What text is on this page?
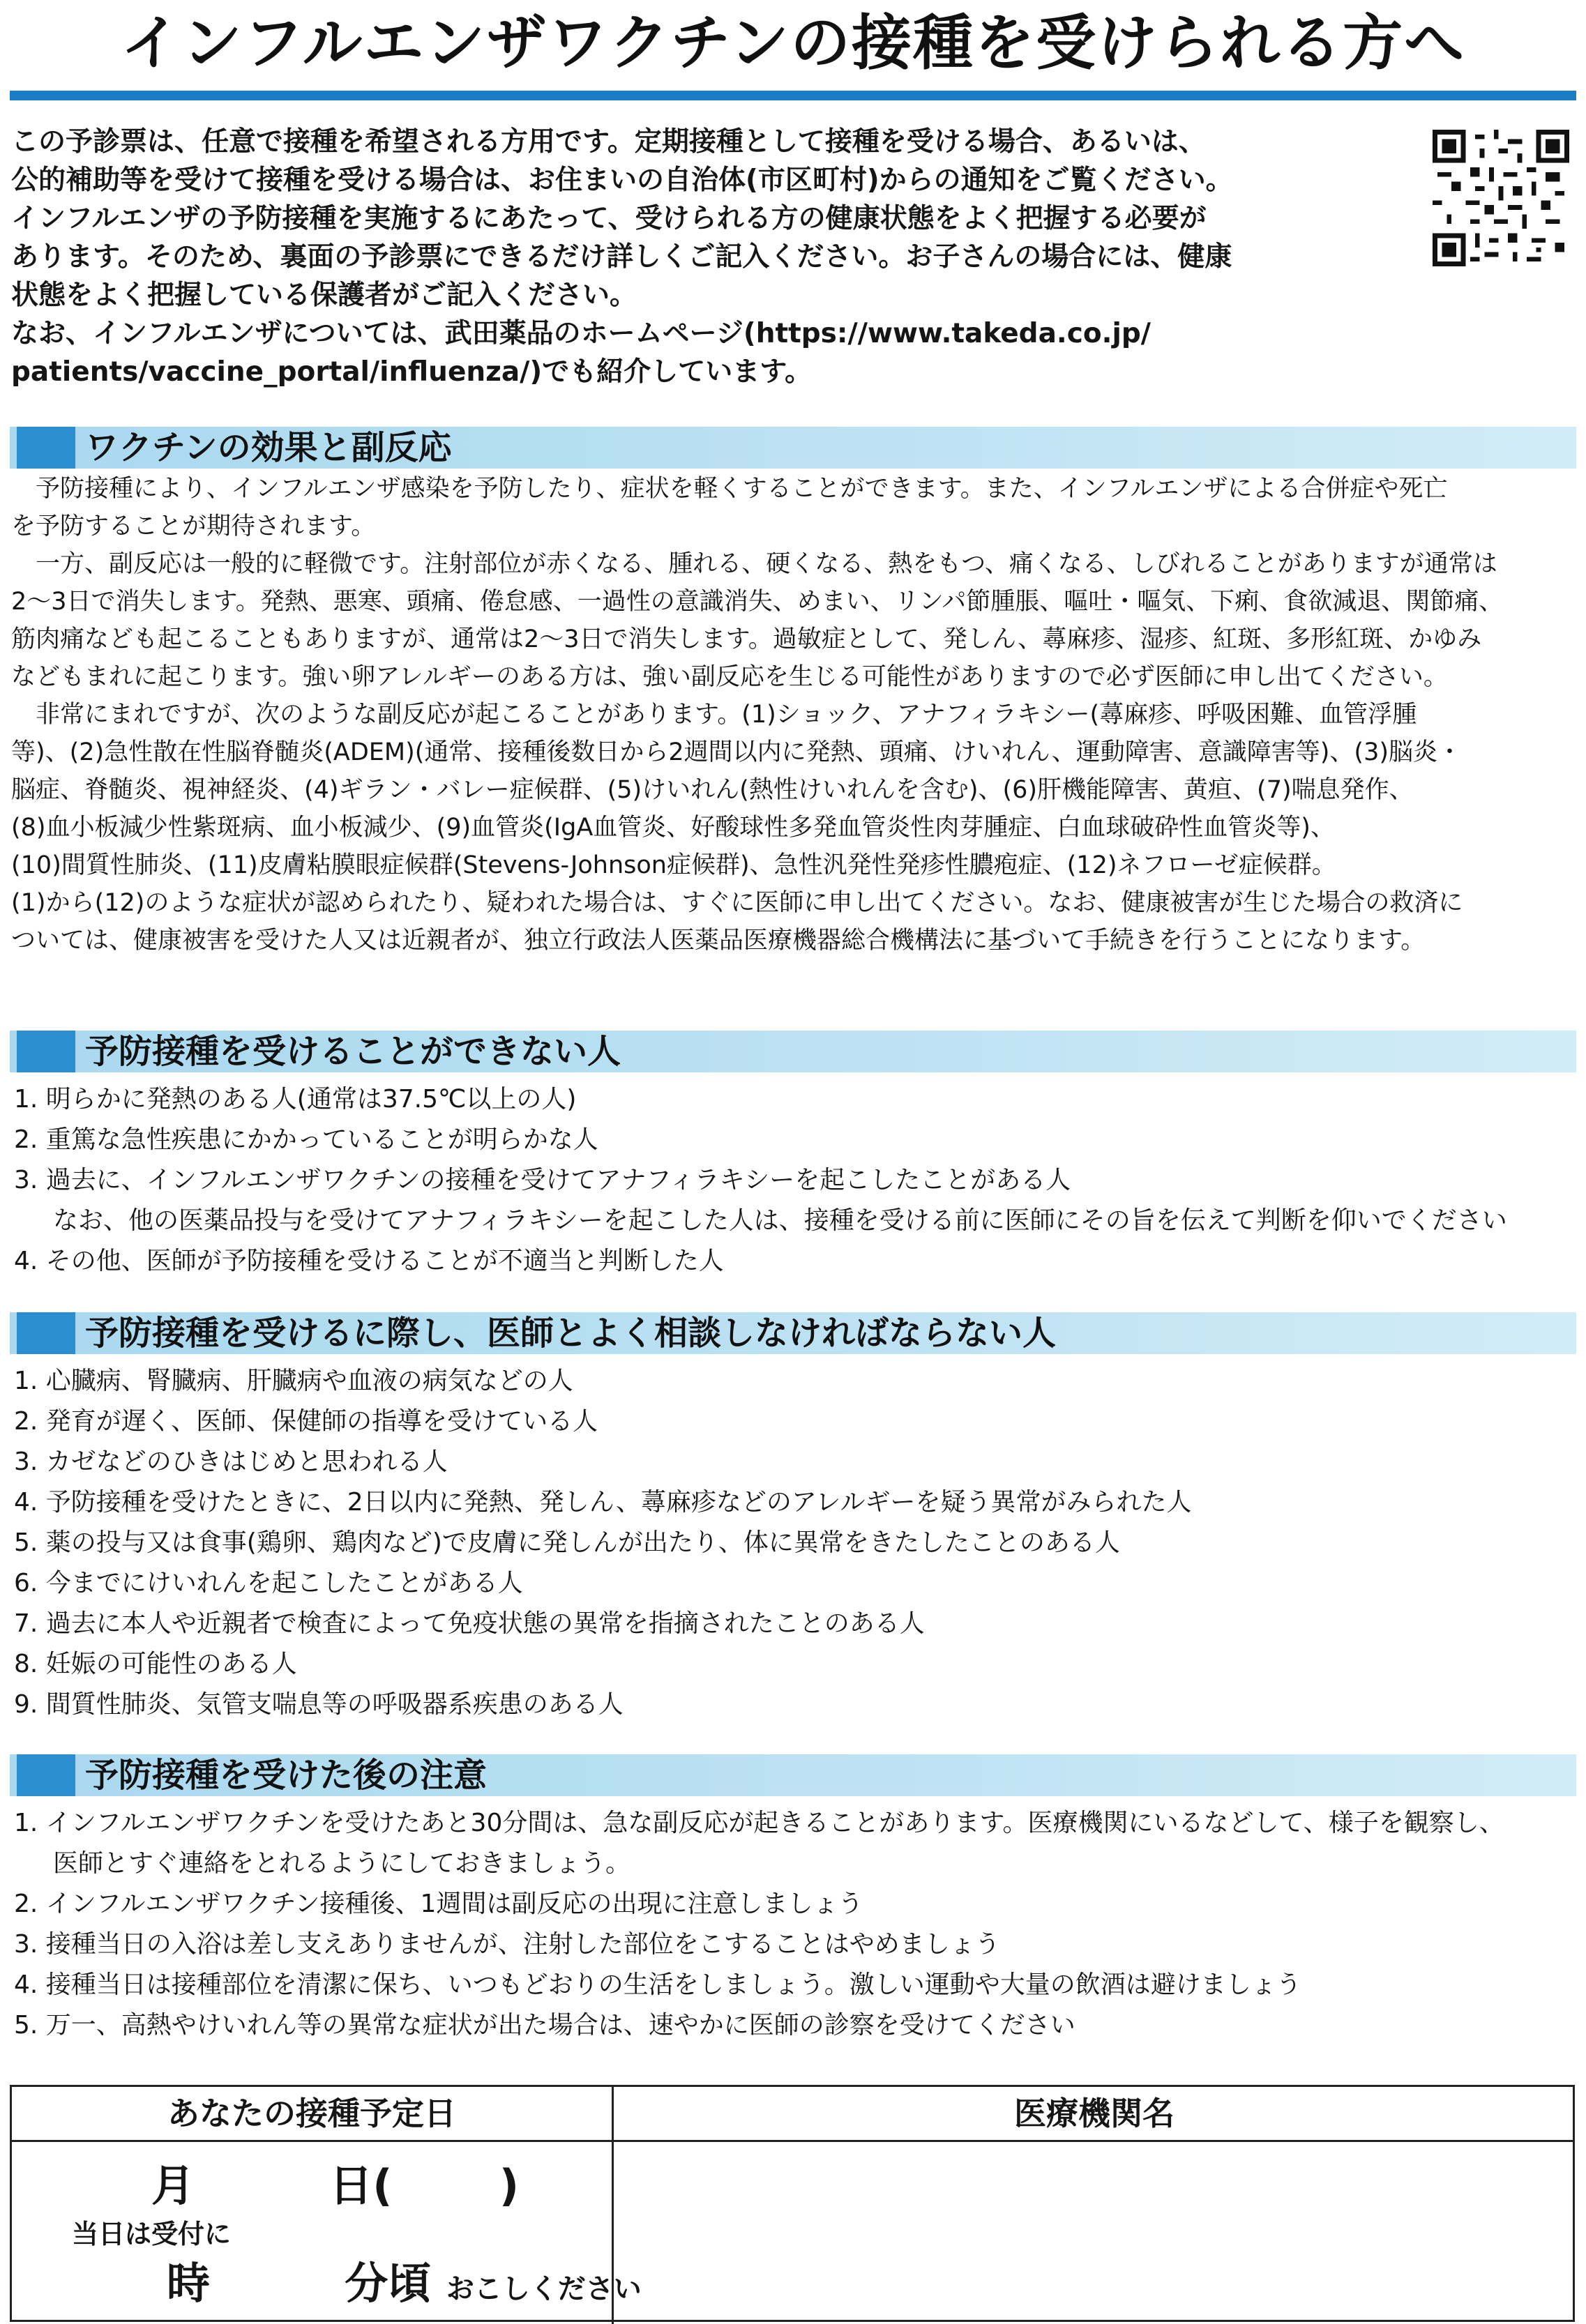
インフルエンザワクチンの接種を受けられる方へ

この予診票は、任意で接種を希望される方用です。定期接種として接種を受ける場合、あるいは、

公的補助等を受けて接種を受ける場合は、お住まいの自治体(市区町村)からの通知をご覧ください。

インフルエンザの予防接種を実施するにあたって、受けられる方の健康状態をよく把握する必要が

あります。そのため、裏面の予診票にできるだけ詳しくご記入ください。お子さんの場合には、健康

状態をよく把握している保護者がご記入ください。

なお、インフルエンザについては、武田薬品のホームページ(https://www.takeda.co.jp/

patients/vaccine_portal/influenza/)でも紹介しています。

ワクチンの効果と副反応

　予防接種により、インフルエンザ感染を予防したり、症状を軽くすることができます。また、インフルエンザによる合併症や死亡

を予防することが期待されます。

　一方、副反応は一般的に軽微です。注射部位が赤くなる、腫れる、硬くなる、熱をもつ、痛くなる、しびれることがありますが通常は

2〜3日で消失します。発熱、悪寒、頭痛、倦怠感、一過性の意識消失、めまい、リンパ節腫脹、嘔吐・嘔気、下痢、食欲減退、関節痛、

筋肉痛なども起こることもありますが、通常は2〜3日で消失します。過敏症として、発しん、蕁麻疹、湿疹、紅斑、多形紅斑、かゆみ

などもまれに起こります。強い卵アレルギーのある方は、強い副反応を生じる可能性がありますので必ず医師に申し出てください。

　非常にまれですが、次のような副反応が起こることがあります。(1)ショック、アナフィラキシー(蕁麻疹、呼吸困難、血管浮腫

等)、(2)急性散在性脳脊髄炎(ADEM)(通常、接種後数日から2週間以内に発熱、頭痛、けいれん、運動障害、意識障害等)、(3)脳炎・

脳症、脊髄炎、視神経炎、(4)ギラン・バレー症候群、(5)けいれん(熱性けいれんを含む)、(6)肝機能障害、黄疸、(7)喘息発作、

(8)血小板減少性紫斑病、血小板減少、(9)血管炎(IgA血管炎、好酸球性多発血管炎性肉芽腫症、白血球破砕性血管炎等)、

(10)間質性肺炎、(11)皮膚粘膜眼症候群(Stevens-Johnson症候群)、急性汎発性発疹性膿疱症、(12)ネフローゼ症候群。

(1)から(12)のような症状が認められたり、疑われた場合は、すぐに医師に申し出てください。なお、健康被害が生じた場合の救済に

ついては、健康被害を受けた人又は近親者が、独立行政法人医薬品医療機器総合機構法に基づいて手続きを行うことになります。

予防接種を受けることができない人
1. 明らかに発熱のある人(通常は37.5℃以上の人)
2. 重篤な急性疾患にかかっていることが明らかな人
3. 過去に、インフルエンザワクチンの接種を受けてアナフィラキシーを起こしたことがある人
なお、他の医薬品投与を受けてアナフィラキシーを起こした人は、接種を受ける前に医師にその旨を伝えて判断を仰いでください
4. その他、医師が予防接種を受けることが不適当と判断した人
予防接種を受けるに際し、医師とよく相談しなければならない人
1. 心臓病、腎臓病、肝臓病や血液の病気などの人
2. 発育が遅く、医師、保健師の指導を受けている人
3. カゼなどのひきはじめと思われる人
4. 予防接種を受けたときに、2日以内に発熱、発しん、蕁麻疹などのアレルギーを疑う異常がみられた人
5. 薬の投与又は食事(鶏卵、鶏肉など)で皮膚に発しんが出たり、体に異常をきたしたことのある人
6. 今までにけいれんを起こしたことがある人
7. 過去に本人や近親者で検査によって免疫状態の異常を指摘されたことのある人
8. 妊娠の可能性のある人
9. 間質性肺炎、気管支喘息等の呼吸器系疾患のある人
予防接種を受けた後の注意
1. インフルエンザワクチンを受けたあと30分間は、急な副反応が起きることがあります。医療機関にいるなどして、様子を観察し、
医師とすぐ連絡をとれるようにしておきましょう。
2. インフルエンザワクチン接種後、1週間は副反応の出現に注意しましょう
3. 接種当日の入浴は差し支えありませんが、注射した部位をこすることはやめましょう
4. 接種当日は接種部位を清潔に保ち、いつもどおりの生活をしましょう。激しい運動や大量の飲酒は避けましょう
5. 万一、高熱やけいれん等の異常な症状が出た場合は、速やかに医師の診察を受けてください
あなたの接種予定日	医療機関名
月	日( )
当日は受付に
時	分頃 おこしください
